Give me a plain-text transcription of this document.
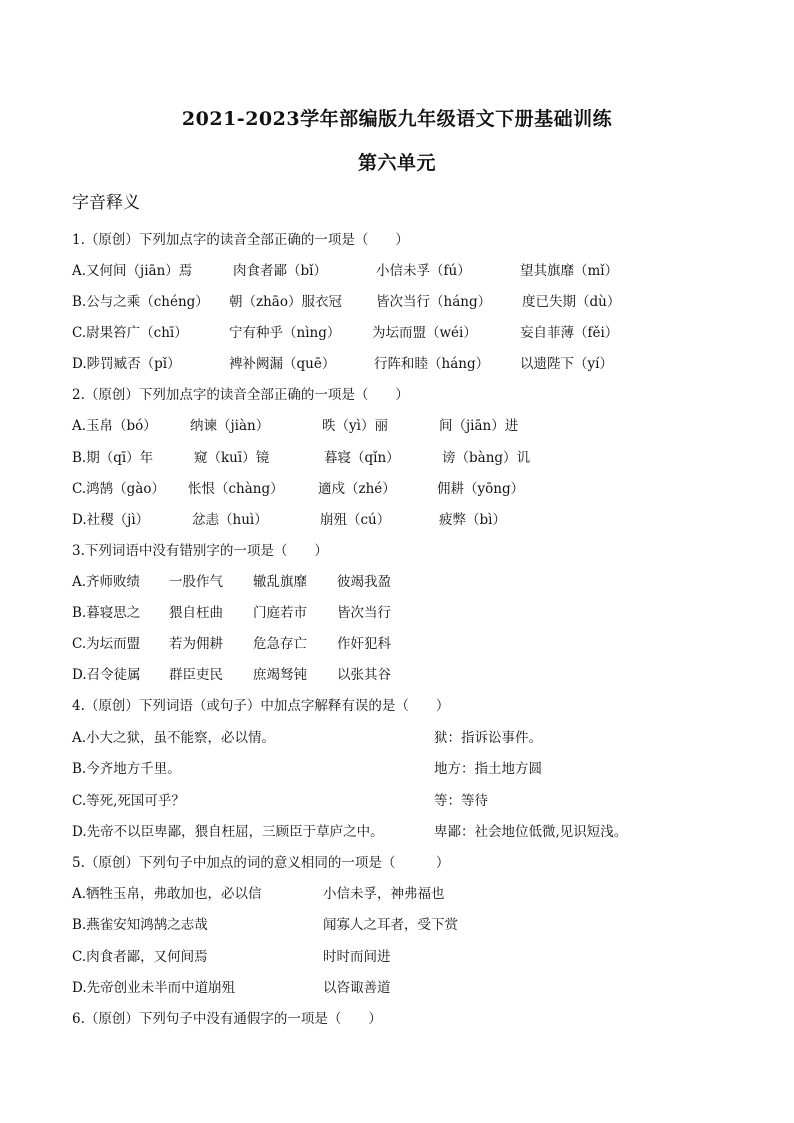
2021-2023学年部编版九年级语文下册基础训练
第六单元
字音释义
1.（原创）下列加点字的读音全部正确的一项是（　　）
A.又何间（jiān）焉	肉食者鄙（bǐ）	小信未孚（fú）	望其旗靡（mǐ）
B.公与之乘（chéng） 朝（zhāo）服衣冠	皆次当行（háng） 度已失期（dù）
C.尉果笞广（chī）	宁有种乎（nìng） 为坛而盟（wéi）	妄自菲薄（fěi）
D.陟罚臧否（pǐ）	裨补阙漏（quē）	行阵和睦（háng） 以遗陛下（yí）
2.（原创）下列加点字的读音全部正确的一项是（　　）
A.玉帛（bó） 纳谏（jiàn）	昳（yì）丽	间（jiān）进
B.期（qī）年	窥（kuī）镜	暮寝（qǐn）	谤（bàng）讥
C.鸿鹄（gào） 怅恨（chàng）	適戍（zhé）	佣耕（yōng）
D.社稷（jì）	忿恚（huì）	崩殂（cú）	疲弊（bì）
3.下列词语中没有错别字的一项是（　　）
A.齐师败绩 一股作气 辙乱旗靡 彼竭我盈
B.暮寝思之 猥自枉曲 门庭若市 皆次当行
C.为坛而盟 若为佣耕 危急存亡 作奸犯科
D.召令徒属 群臣吏民 庶竭驽钝 以张其谷
4.（原创）下列词语（或句子）中加点字解释有误的是（　　）
A.小大之狱，虽不能察，必以情。	狱：指诉讼事件。
B.今齐地方千里。	地方：指土地方圆
C.等死,死国可乎？	等：等待
D.先帝不以臣卑鄙，猥自枉屈，三顾臣于草庐之中。	卑鄙：社会地位低微,见识短浅。
5.（原创）下列句子中加点的词的意义相同的一项是（　　　）
A.牺牲玉帛，弗敢加也，必以信	小信未孚，神弗福也
B.燕雀安知鸿鹄之志哉	闻寡人之耳者，受下赏
C.肉食者鄙，又何间焉	时时而间进
D.先帝创业未半而中道崩殂	以咨诹善道
6.（原创）下列句子中没有通假字的一项是（　　）
